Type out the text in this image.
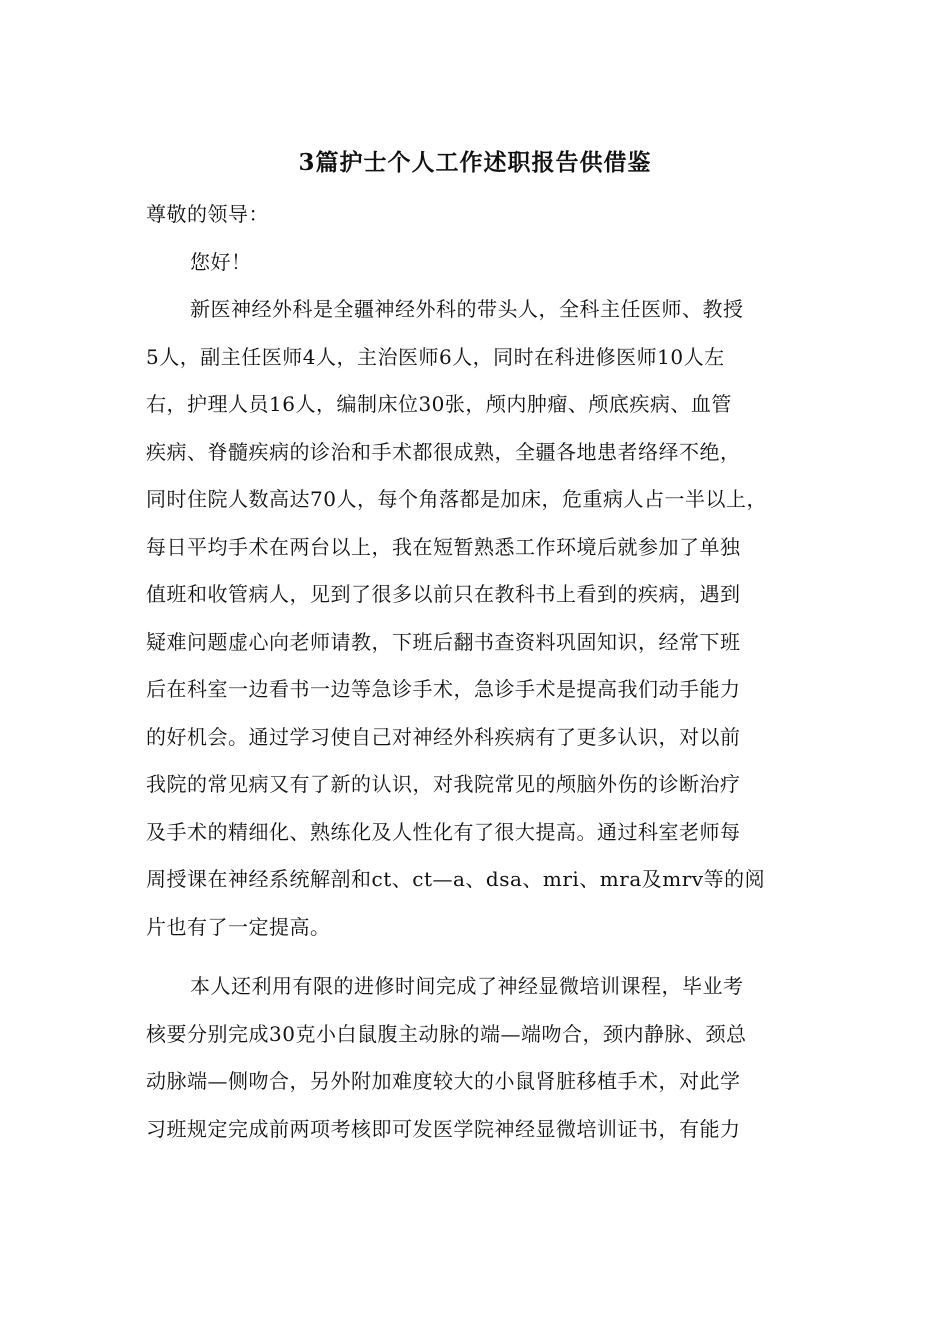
3篇护士个人工作述职报告供借鉴
尊敬的领导：
您好！
新医神经外科是全疆神经外科的带头人，全科主任医师、教授
5人，副主任医师4人，主治医师6人，同时在科进修医师10人左
右，护理人员16人，编制床位30张，颅内肿瘤、颅底疾病、血管
疾病、脊髓疾病的诊治和手术都很成熟，全疆各地患者络绎不绝，
同时住院人数高达70人，每个角落都是加床，危重病人占一半以上，
每日平均手术在两台以上，我在短暂熟悉工作环境后就参加了单独
值班和收管病人，见到了很多以前只在教科书上看到的疾病，遇到
疑难问题虚心向老师请教，下班后翻书查资料巩固知识，经常下班
后在科室一边看书一边等急诊手术，急诊手术是提高我们动手能力
的好机会。通过学习使自己对神经外科疾病有了更多认识，对以前
我院的常见病又有了新的认识，对我院常见的颅脑外伤的诊断治疗
及手术的精细化、熟练化及人性化有了很大提高。通过科室老师每
周授课在神经系统解剖和ct、ct—a、dsa、mri、mra及mrv等的阅
片也有了一定提高。
本人还利用有限的进修时间完成了神经显微培训课程，毕业考
核要分别完成30克小白鼠腹主动脉的端—端吻合，颈内静脉、颈总
动脉端—侧吻合，另外附加难度较大的小鼠肾脏移植手术，对此学
习班规定完成前两项考核即可发医学院神经显微培训证书，有能力
